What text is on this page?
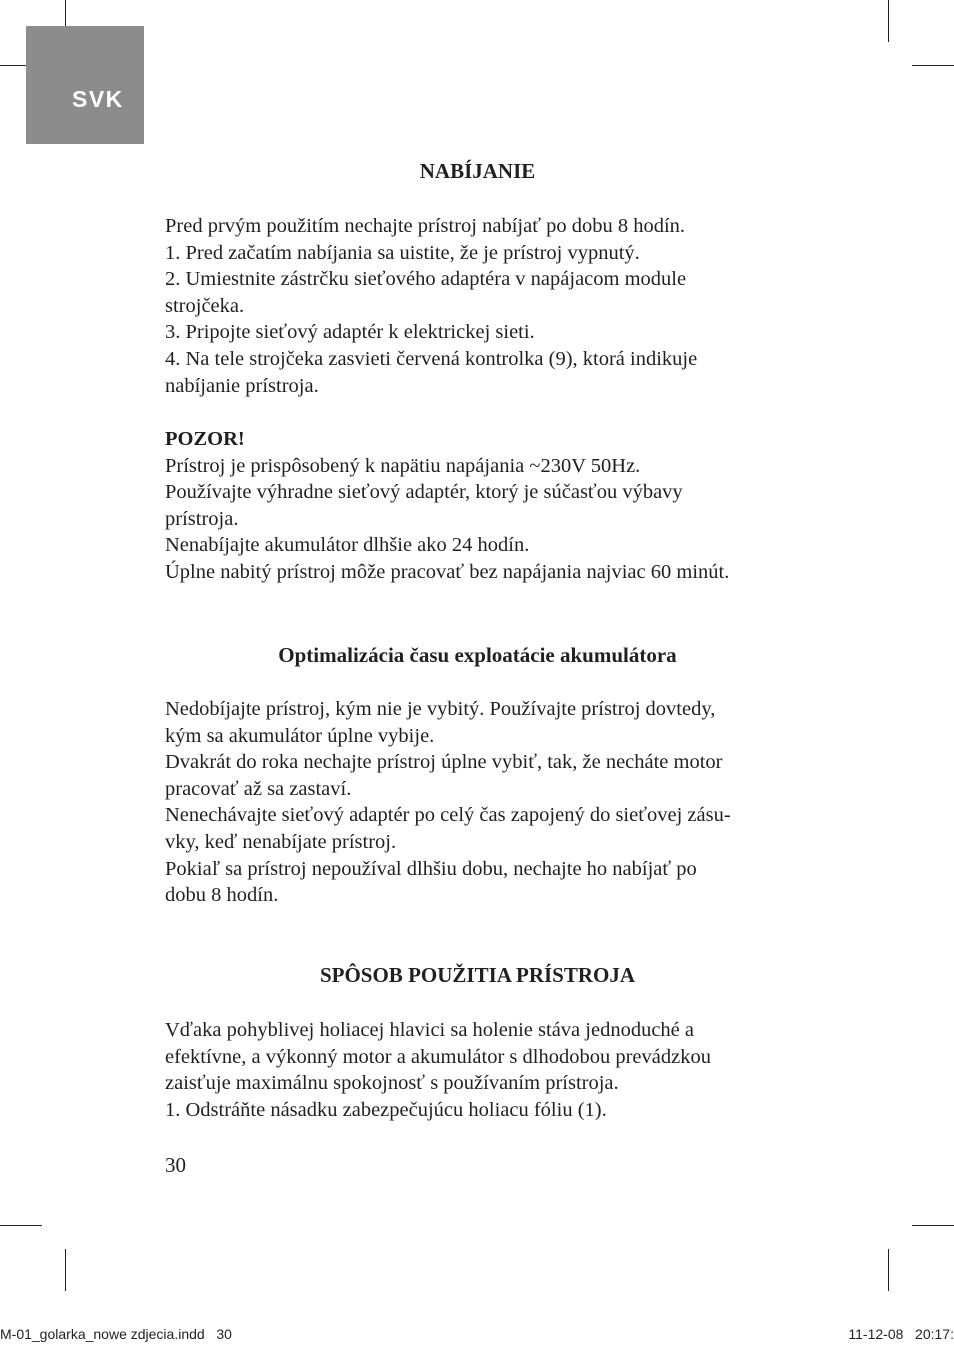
SVK
NABÍJANIE
Pred prvým použitím nechajte prístroj nabíjať po dobu 8 hodín.
1. Pred začatím nabíjania sa uistite, že je prístroj vypnutý.
2. Umiestnite zástrčku sieťového adaptéra v napájacom module
strojčeka.
3. Pripojte sieťový adaptér k elektrickej sieti.
4. Na tele strojčeka zasvieti červená kontrolka (9), ktorá indikuje
nabíjanie prístroja.
POZOR!
Prístroj je prispôsobený k napätiu napájania ~230V 50Hz.
Používajte výhradne sieťový adaptér, ktorý je súčasťou výbavy
prístroja.
Nenabíjajte akumulátor dlhšie ako 24 hodín.
Úplne nabitý prístroj môže pracovať bez napájania najviac 60 minút.
Optimalizácia času exploatácie akumulátora
Nedobíjajte prístroj, kým nie je vybitý. Používajte prístroj dovtedy,
kým sa akumulátor úplne vybije.
Dvakrát do roka nechajte prístroj úplne vybiť, tak, že necháte motor
pracovať až sa zastaví.
Nenechávajte sieťový adaptér po celý čas zapojený do sieťovej zásu-
vky, keď nenabíjate prístroj.
Pokiaľ sa prístroj nepoužíval dlhšiu dobu, nechajte ho nabíjať po
dobu 8 hodín.
SPÔSOB POUŽITIA PRÍSTROJA
Vďaka pohyblivej holiacej hlavici sa holenie stáva jednoduché a
efektívne, a výkonný motor a akumulátor s dlhodobou prevádzkou
zaisťuje maximálnu spokojnosť s používaním prístroja.
1. Odstráňte násadku zabezpečujúcu holiacu fóliu (1).
30
M-01_golarka_nowe zdjecia.indd   30	11-12-08   20:17:
